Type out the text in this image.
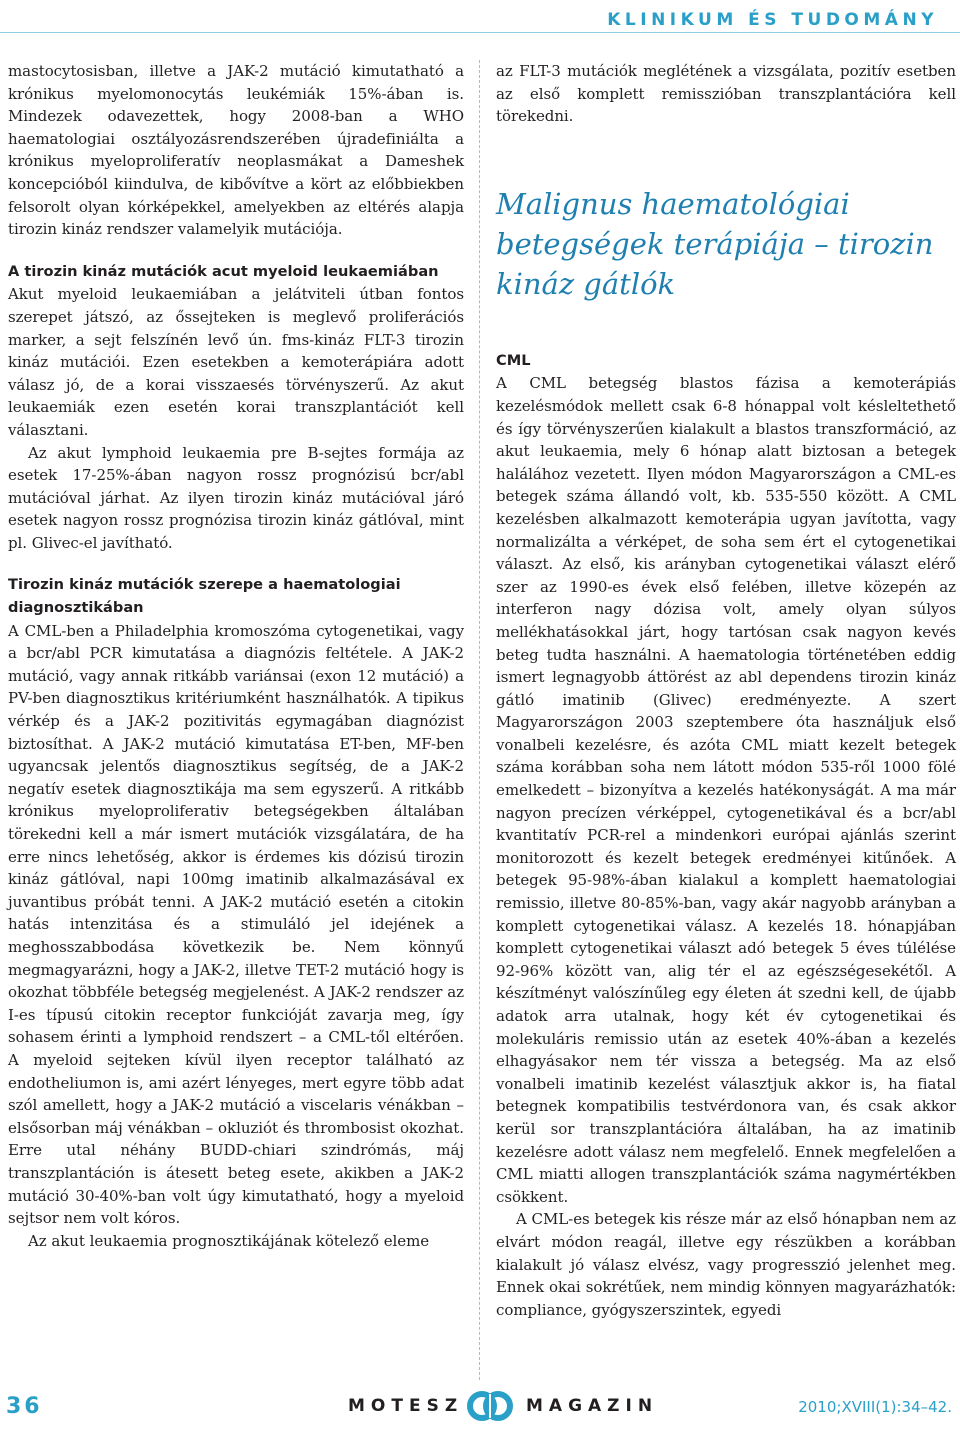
KLINIKUM ÉS TUDOMÁNY

mastocytosisban, illetve a JAK-2 mutáció kimutatható a krónikus myelomonocytás leukémiák 15%-ában is. Mindezek odavezettek, hogy 2008-ban a WHO haematologiai osztályozásrendszerében újradefiniálta a krónikus myeloproliferatív neoplasmákat a Dameshek koncepcióból kiindulva, de kibővítve a kört az előbbiekben felsorolt olyan kórképekkel, amelyekben az eltérés alapja tirozin kináz rendszer valamelyik mutációja.

A tirozin kináz mutációk acut myeloid leukaemiában

Akut myeloid leukaemiában a jelátviteli útban fontos szerepet játszó, az őssejteken is meglevő proliferációs marker, a sejt felszínén levő ún. fms-kináz FLT-3 tirozin kináz mutációi. Ezen esetekben a kemoterápiára adott válasz jó, de a korai visszaesés törvényszerű. Az akut leukaemiák ezen esetén korai transzplantációt kell választani.

Az akut lymphoid leukaemia pre B-sejtes formája az esetek 17-25%-ában nagyon rossz prognózisú bcr/abl mutációval járhat. Az ilyen tirozin kináz mutációval járó esetek nagyon rossz prognózisa tirozin kináz gátlóval, mint pl. Glivec-el javítható.

Tirozin kináz mutációk szerepe a haematologiai diagnosztikában

A CML-ben a Philadelphia kromoszóma cytogenetikai, vagy a bcr/abl PCR kimutatása a diagnózis feltétele. A JAK-2 mutáció, vagy annak ritkább variánsai (exon 12 mutáció) a PV-ben diagnosztikus kritériumként használhatók. A tipikus vérkép és a JAK-2 pozitivitás egymagában diagnózist biztosíthat. A JAK-2 mutáció kimutatása ET-ben, MF-ben ugyancsak jelentős diagnosztikus segítség, de a JAK-2 negatív esetek diagnosztikája ma sem egyszerű. A ritkább krónikus myeloproliferativ betegségekben általában törekedni kell a már ismert mutációk vizsgálatára, de ha erre nincs lehetőség, akkor is érdemes kis dózisú tirozin kináz gátlóval, napi 100mg imatinib alkalmazásával ex juvantibus próbát tenni. A JAK-2 mutáció esetén a citokin hatás intenzitása és a stimuláló jel idejének a meghosszabbodása következik be. Nem könnyű megmagyarázni, hogy a JAK-2, illetve TET-2 mutáció hogy is okozhat többféle betegség megjelenést. A JAK-2 rendszer az I-es típusú citokin receptor funkcióját zavarja meg, így sohasem érinti a lymphoid rendszert – a CML-től eltérően. A myeloid sejteken kívül ilyen receptor található az endotheliumon is, ami azért lényeges, mert egyre több adat szól amellett, hogy a JAK-2 mutáció a viscelaris vénákban – elsősorban máj vénákban – okluziót és thrombosist okozhat. Erre utal néhány BUDD-chiari szindrómás, máj transzplantáción is átesett beteg esete, akikben a JAK-2 mutáció 30-40%-ban volt úgy kimutatható, hogy a myeloid sejtsor nem volt kóros.

Az akut leukaemia prognosztikájának kötelező eleme

az FLT-3 mutációk meglétének a vizsgálata, pozitív esetben az első komplett remisszióban transzplantációra kell törekedni.

Malignus haematológiai betegségek terápiája – tirozin kináz gátlók
CML

A CML betegség blastos fázisa a kemoterápiás kezelésmódok mellett csak 6-8 hónappal volt késleltethető és így törvényszerűen kialakult a blastos transzformáció, az akut leukaemia, mely 6 hónap alatt biztosan a betegek halálához vezetett. Ilyen módon Magyarországon a CML-es betegek száma állandó volt, kb. 535-550 között. A CML kezelésben alkalmazott kemoterápia ugyan javította, vagy normalizálta a vérképet, de soha sem ért el cytogenetikai választ. Az első, kis arányban cytogenetikai választ elérő szer az 1990-es évek első felében, illetve közepén az interferon nagy dózisa volt, amely olyan súlyos mellékhatásokkal járt, hogy tartósan csak nagyon kevés beteg tudta használni. A haematologia történetében eddig ismert legnagyobb áttörést az abl dependens tirozin kináz gátló imatinib (Glivec) eredményezte. A szert Magyarországon 2003 szeptembere óta használjuk első vonalbeli kezelésre, és azóta CML miatt kezelt betegek száma korábban soha nem látott módon 535-ről 1000 fölé emelkedett – bizonyítva a kezelés hatékonyságát. A ma már nagyon precízen vérképpel, cytogenetikával és a bcr/abl kvantitatív PCR-rel a mindenkori európai ajánlás szerint monitorozott és kezelt betegek eredményei kitűnőek. A betegek 95-98%-ában kialakul a komplett haematologiai remissio, illetve 80-85%-ban, vagy akár nagyobb arányban a komplett cytogenetikai válasz. A kezelés 18. hónapjában komplett cytogenetikai választ adó betegek 5 éves túlélése 92-96% között van, alig tér el az egészségesekétől. A készítményt valószínűleg egy életen át szedni kell, de újabb adatok arra utalnak, hogy két év cytogenetikai és molekuláris remissio után az esetek 40%-ában a kezelés elhagyásakor nem tér vissza a betegség. Ma az első vonalbeli imatinib kezelést választjuk akkor is, ha fiatal betegnek kompatibilis testvérdonora van, és csak akkor kerül sor transzplantációra általában, ha az imatinib kezelésre adott válasz nem megfelelő. Ennek megfelelően a CML miatti allogen transzplantációk száma nagymértékben csökkent.

A CML-es betegek kis része már az első hónapban nem az elvárt módon reagál, illetve egy részükben a korábban kialakult jó válasz elvész, vagy progresszió jelenhet meg. Ennek okai sokrétűek, nem mindig könnyen magyarázhatók: compliance, gyógyszerszintek, egyedi

36	MOTESZ	MAGAZIN	2010;XVIII(1):34–42.
